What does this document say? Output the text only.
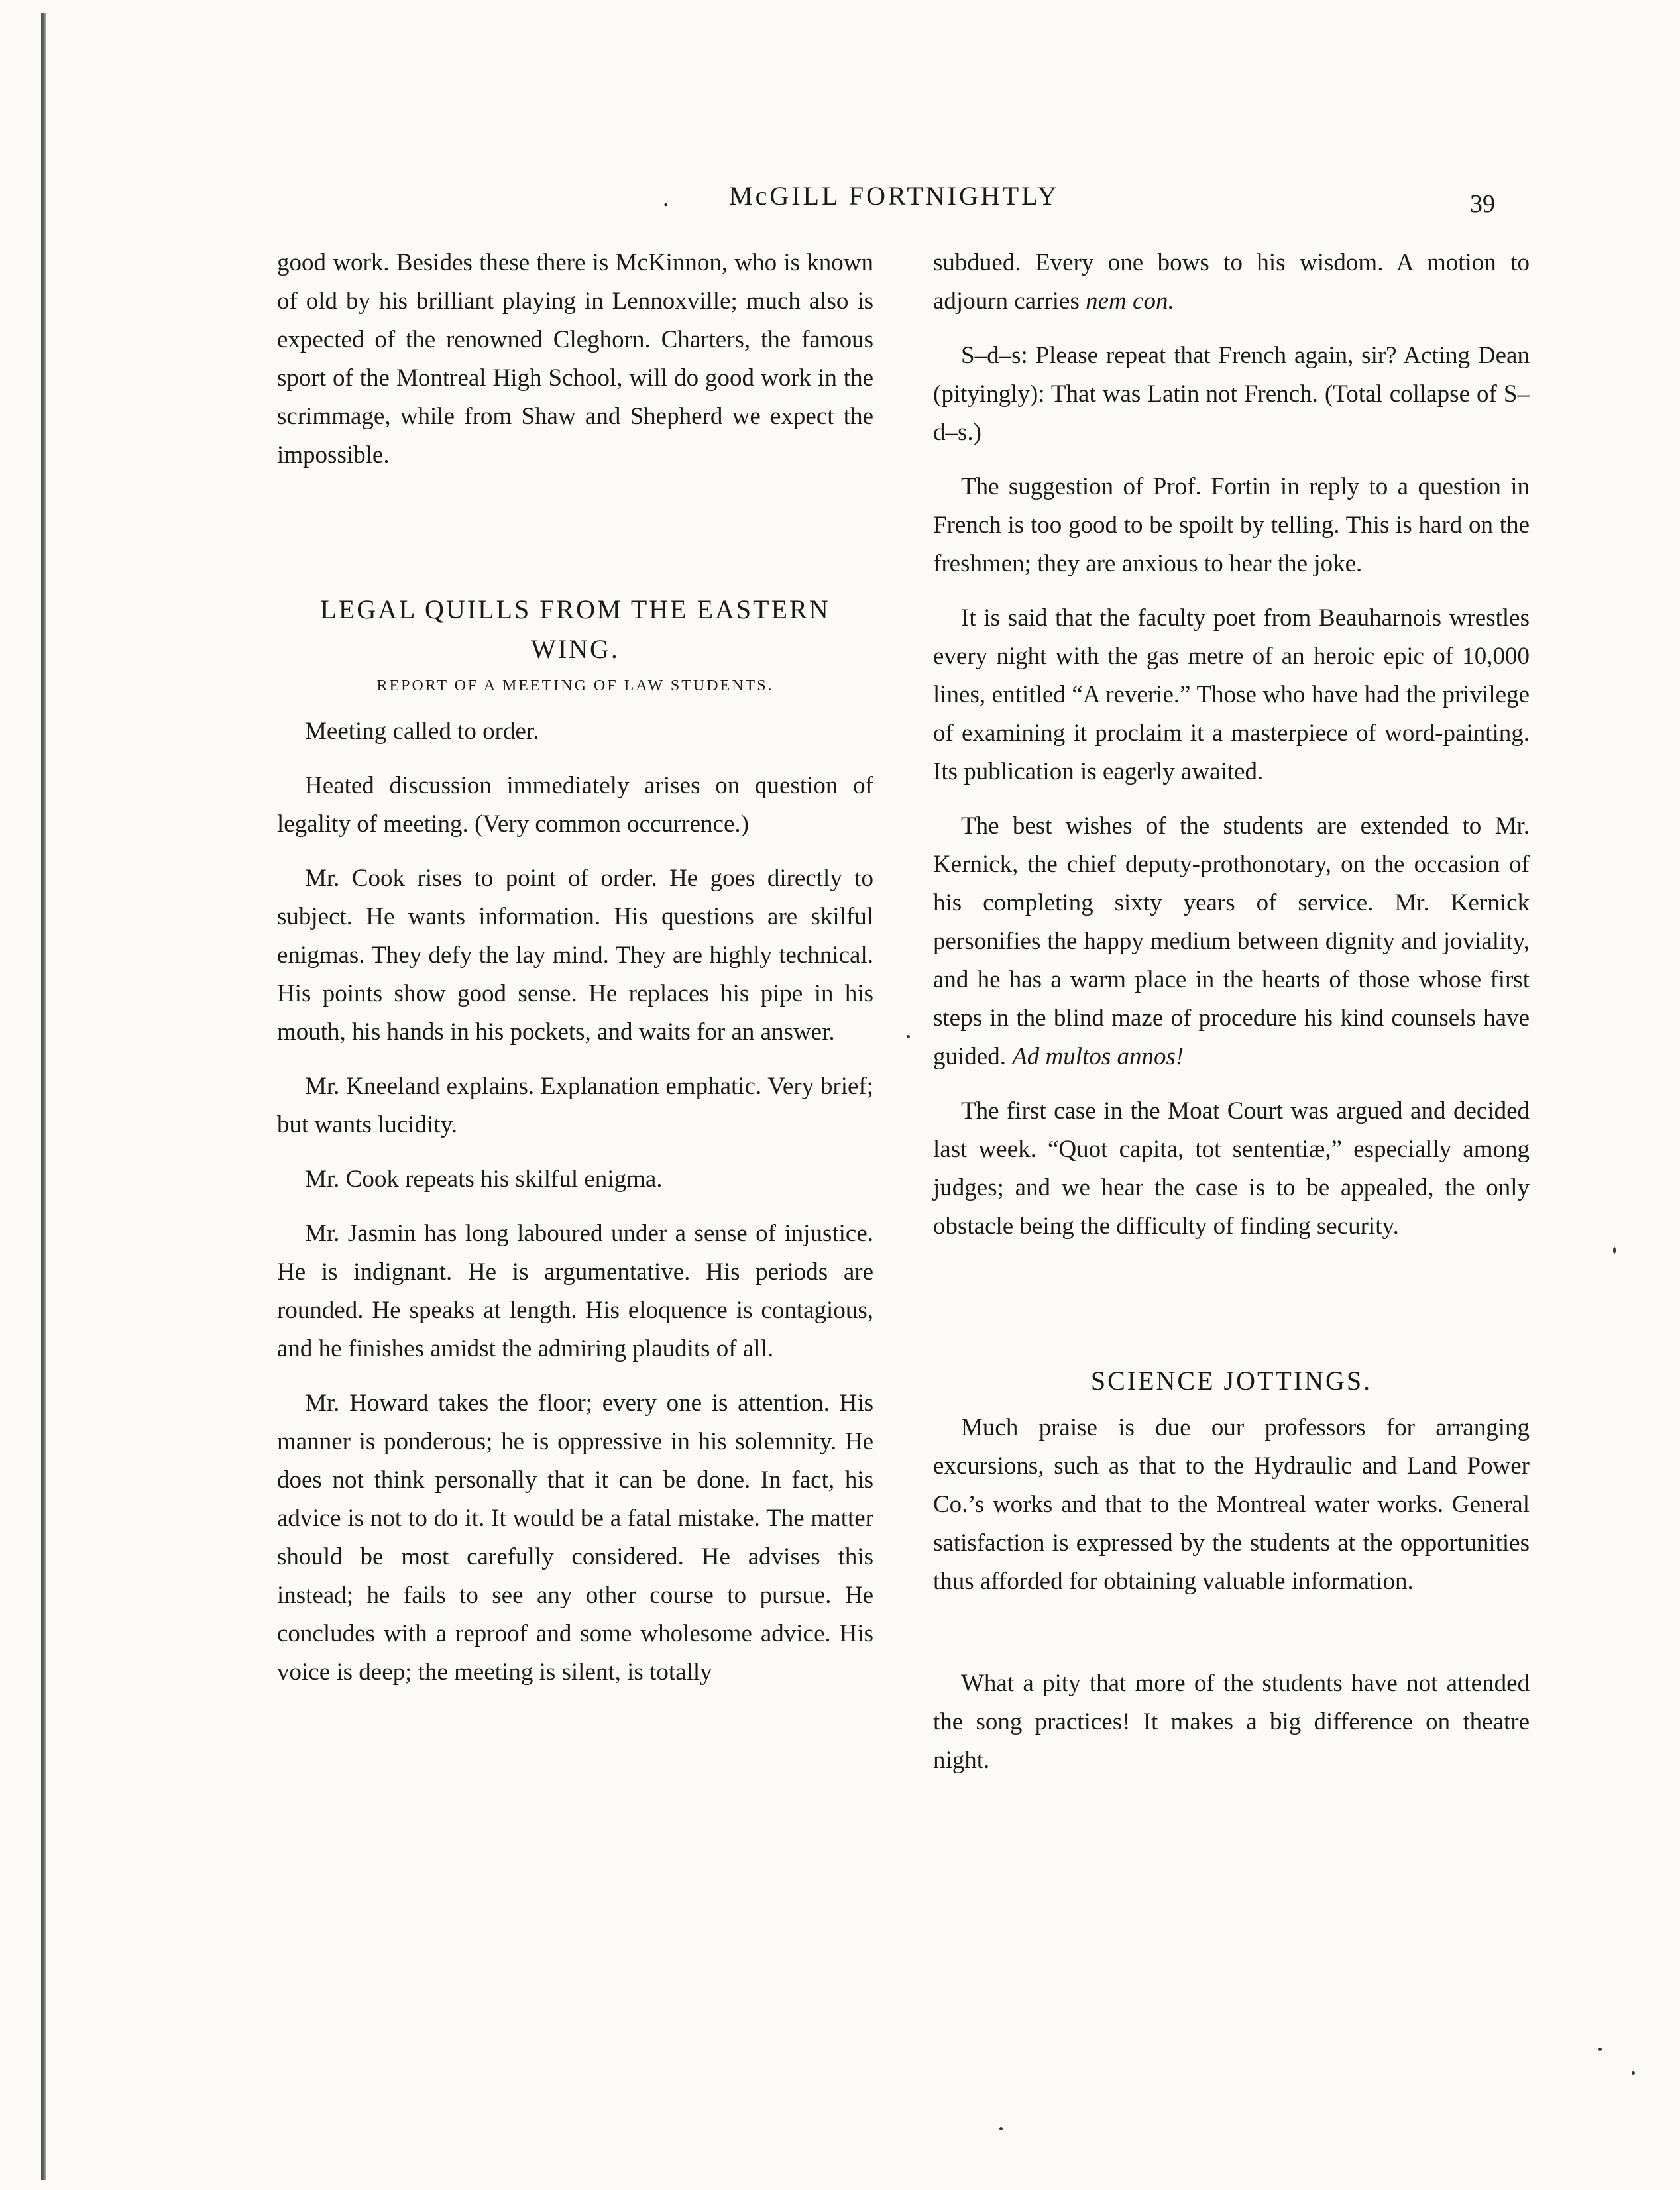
. McGILL FORTNIGHTLY	39

good work. Besides these there is McKinnon, who is known of old by his brilliant playing in Lennoxville; much also is expected of the renowned Cleghorn. Charters, the famous sport of the Montreal High School, will do good work in the scrimmage, while from Shaw and Shepherd we expect the impossible.

LEGAL QUILLS FROM THE EASTERN WING.
REPORT OF A MEETING OF LAW STUDENTS.

Meeting called to order.

Heated discussion immediately arises on question of legality of meeting. (Very common occurrence.)

Mr. Cook rises to point of order. He goes directly to subject. He wants information. His questions are skilful enigmas. They defy the lay mind. They are highly technical. His points show good sense. He replaces his pipe in his mouth, his hands in his pockets, and waits for an answer.

Mr. Kneeland explains. Explanation emphatic. Very brief; but wants lucidity.

Mr. Cook repeats his skilful enigma.

Mr. Jasmin has long laboured under a sense of injustice. He is indignant. He is argumentative. His periods are rounded. He speaks at length. His eloquence is contagious, and he finishes amidst the admiring plaudits of all.

Mr. Howard takes the floor; every one is attention. His manner is ponderous; he is oppressive in his solemnity. He does not think personally that it can be done. In fact, his advice is not to do it. It would be a fatal mistake. The matter should be most carefully considered. He advises this instead; he fails to see any other course to pursue. He concludes with a reproof and some wholesome advice. His voice is deep; the meeting is silent, is totally

subdued. Every one bows to his wisdom. A motion to adjourn carries nem con.

S–d–s: Please repeat that French again, sir? Acting Dean (pityingly): That was Latin not French. (Total collapse of S–d–s.)

The suggestion of Prof. Fortin in reply to a question in French is too good to be spoilt by telling. This is hard on the freshmen; they are anxious to hear the joke.

It is said that the faculty poet from Beauharnois wrestles every night with the gas metre of an heroic epic of 10,000 lines, entitled “A reverie.” Those who have had the privilege of examining it proclaim it a masterpiece of word-painting. Its publication is eagerly awaited.

The best wishes of the students are extended to Mr. Kernick, the chief deputy-prothonotary, on the occasion of his completing sixty years of service. Mr. Kernick personifies the happy medium between dignity and joviality, and he has a warm place in the hearts of those whose first steps in the blind maze of procedure his kind counsels have guided. Ad multos annos!

The first case in the Moat Court was argued and decided last week. “Quot capita, tot sententiæ,” especially among judges; and we hear the case is to be appealed, the only obstacle being the difficulty of finding security.

SCIENCE JOTTINGS.

Much praise is due our professors for arranging excursions, such as that to the Hydraulic and Land Power Co.’s works and that to the Montreal water works. General satisfaction is expressed by the students at the opportunities thus afforded for obtaining valuable information.

What a pity that more of the students have not attended the song practices! It makes a big difference on theatre night.
